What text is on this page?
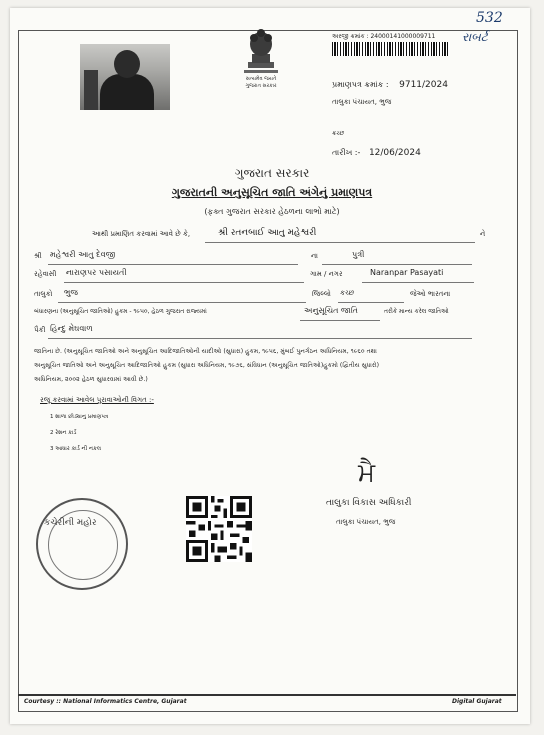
સત્યમેવ જયતે
ગુજરાત સરકાર
અરજી ક્રમાંક : 24000141000009711
532
રાબર્ટ
પ્રમાણપત્ર ક્રમાંક : 9711/2024
તાલુકા પંચાયત, ભુજ
ક્રચ્છ
તારીખ :- 12/06/2024
ગુજરાત સરકાર
ગુજરાતની અનુસૂચિત જાતિ અંગેનું પ્રમાણપત્ર
(ફક્ત ગુજરાત સરકાર હેઠળના લાભો માટે)
આથી પ્રમાણિત કરવામાં આવે છે કે,	શ્રી રતનબાઈ આતુ મહેશ્વરી	ને
શ્રી મહેશ્વરી આતુ દેવજી	ના	પુત્રી
રહેવાસી નારાણપર પસાયતી	ગામ / નગર	Naranpar Pasayati
તાલુકો ભુજ	જિલ્લો કચ્છ	જેઓ ભારતના
બંધારણના (અનુસૂચિત જાતિઓ) હુકમ - ૧૯૫૦, હેઠળ ગુજરાત રાજ્યમાં	અનુસૂચિત જાતિ	તરીકે માન્ય કરેલ જાતિઓ
પૈકી હિન્દુ મેઘવાળ
જાતિના છે. (અનુસૂચિત જાતિઓ અને અનુસૂચિત આદિજાતિઓની યાદીઓ (સુધારા) હુકમ, ૧૯૫૬, મુંબઈ પુનર્ગઠન અધિનિયમ, ૧૯૬૦ તથા
અનુસૂચિત જાતિઓ અને અનુસૂચિત આદિજાતિઓ હુકમ (સુધારા અધિનિયમ, ૧૯૭૬, સંવિધાન (અનુસૂચિત જાતિઓ)હુકમો (દ્વિતીય સુધારો)
અધિનિયમ, ૨૦૦૨ હેઠળ સુધારવામાં આવી છે.)
રજૂ કરવામાં આવેલ પુરાવાઓની વિગત :-
1 શાળા છોડ્યાનુ પ્રમાણપત્ર
2 રેશન કાર્ડ
3 આધાર કાર્ડ ની નકલ
ਮੈ
તાલુકા વિકાસ અધિકારી
તાલુકા પંચાયત, ભુજ
કચેરીની મહોર
Courtesy :: National Informatics Centre, Gujarat	Digital Gujarat
